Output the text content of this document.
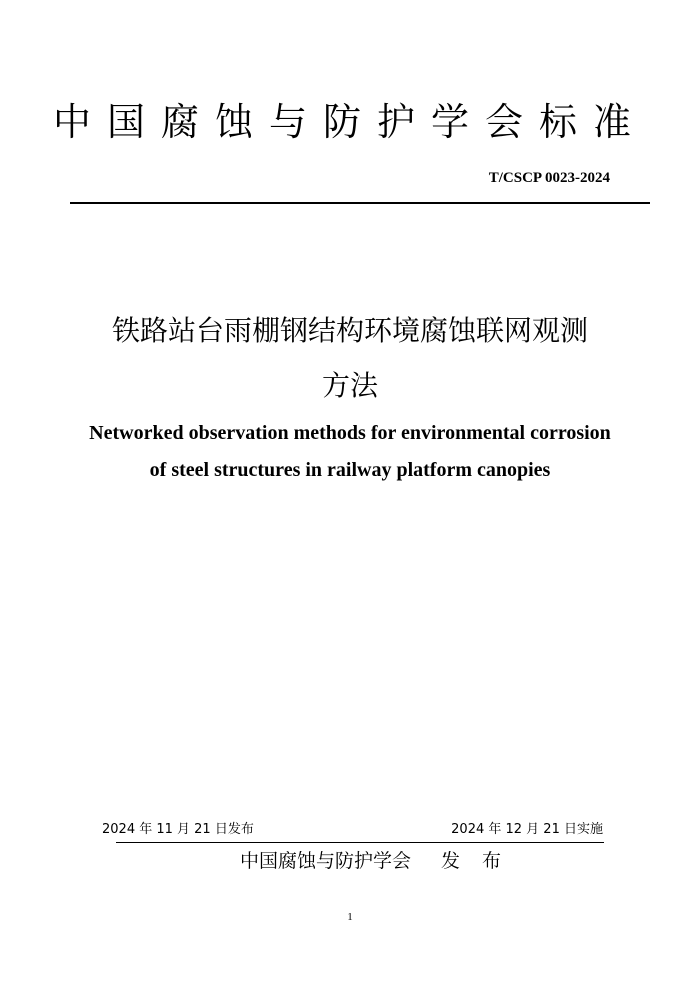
中国腐蚀与防护学会标准
T/CSCP 0023-2024
铁路站台雨棚钢结构环境腐蚀联网观测
方法
Networked observation methods for environmental corrosion
of steel structures in railway platform canopies
2024 年 11 月 21 日发布	2024 年 12 月 21 日实施
中国腐蚀与防护学会 发 布
1
